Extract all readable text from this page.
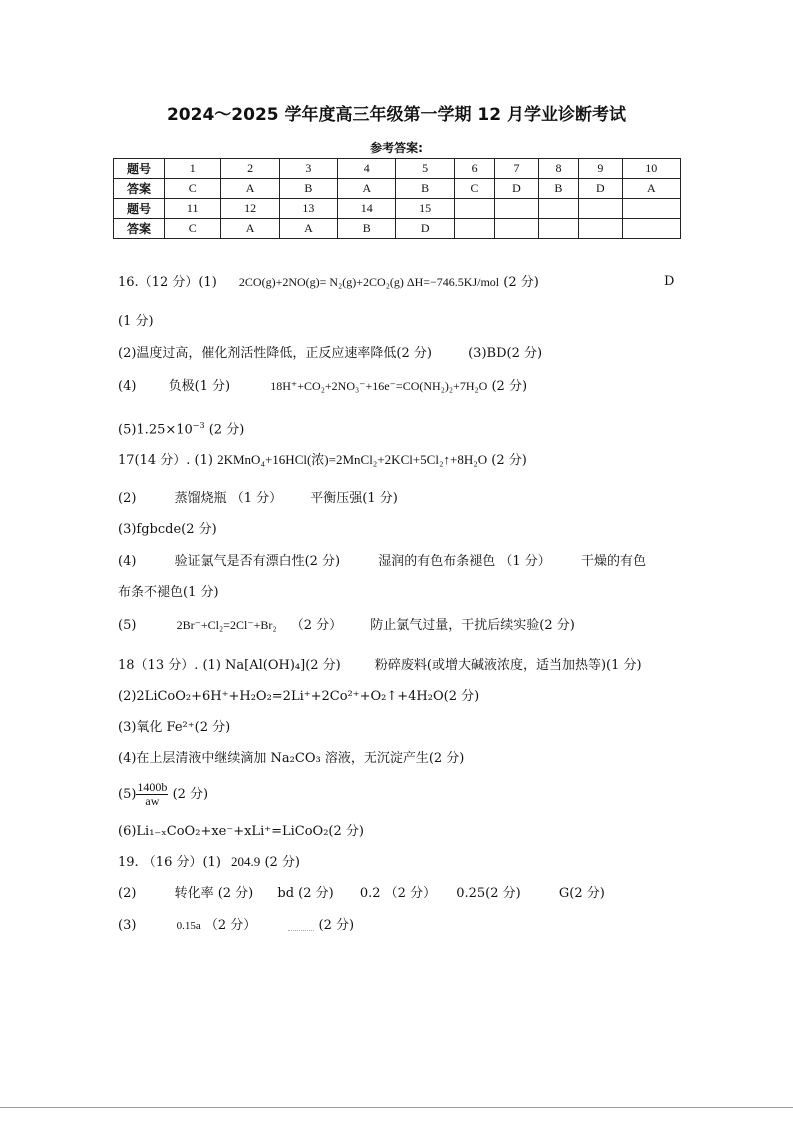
2024～2025 学年度高三年级第一学期 12 月学业诊断考试
参考答案:
题号	1	2	3	4	5	6	7	8	9	10
答案	C	A	B	A	B	C	D	B	D	A
题号	11	12	13	14	15					
答案	C	A	A	B	D					
16.（12 分）(1) 2CO(g)+2NO(g)= N₂(g)+2CO₂(g) ΔH=−746.5KJ/mol (2 分)	D
(1 分)
(2)温度过高，催化剂活性降低，正反应速率降低(2 分)	(3)BD(2 分)
(4) 负极(1 分)	18H⁺+CO₂+2NO₃⁻+16e⁻=CO(NH₂)₂+7H₂O (2 分)
$(5)1.25\times 10^{-3}$ (2 分)
17(14 分）. (1) 2KMnO₄+16HCl(浓)=2MnCl₂+2KCl+5Cl₂↑+8H₂O (2 分)
(2)	蒸馏烧瓶 （1 分） 平衡压强(1 分)
(3)fgbcde(2 分)
(4)	验证氯气是否有漂白性(2 分)	湿润的有色布条褪色 （1 分） 干燥的有色
布条不褪色(1 分)
(5)	2Br⁻+Cl₂=2Cl⁻+Br₂ （2 分） 防止氯气过量，干扰后续实验(2 分)
18（13 分）. (1) Na[Al(OH)₄](2 分)	粉碎废料(或增大碱液浓度，适当加热等)(1 分)
(2)2LiCoO₂+6H⁺+H₂O₂=2Li⁺+2Co²⁺+O₂↑+4H₂O(2 分)
(3)氧化 Fe²⁺(2 分)
(4)在上层清液中继续滴加 Na₂CO₃ 溶液，无沉淀产生(2 分)
$(5) \frac{1400b}{aw} (2$ 分)
(6)Li₁₋ₓCoO₂+xe⁻+xLi⁺=LiCoO₂(2 分)
19. （16 分）(1) 204.9 (2 分)
(2)	转化率 (2 分) bd (2 分) 0.2 （2 分） 0.25(2 分)	G(2 分)
(3)	0.15a （2 分）	(2 分)
